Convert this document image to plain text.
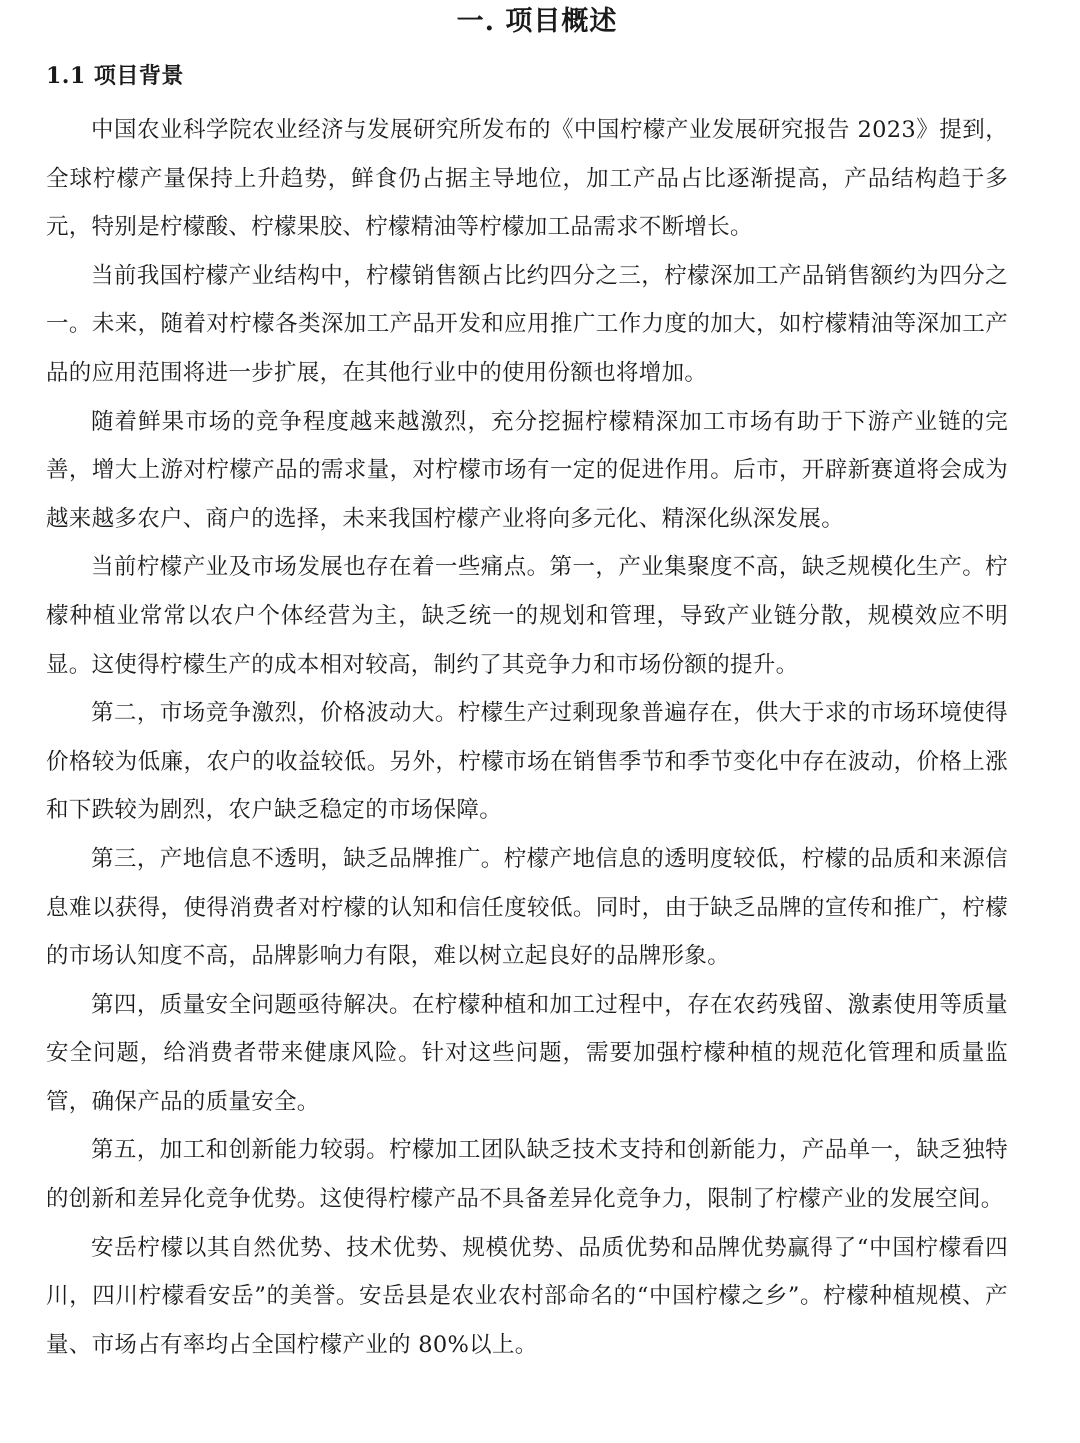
一. 项目概述
1.1 项目背景

中国农业科学院农业经济与发展研究所发布的《中国柠檬产业发展研究报告 2023》提到，全球柠檬产量保持上升趋势，鲜食仍占据主导地位，加工产品占比逐渐提高，产品结构趋于多元，特别是柠檬酸、柠檬果胶、柠檬精油等柠檬加工品需求不断增长。

当前我国柠檬产业结构中，柠檬销售额占比约四分之三，柠檬深加工产品销售额约为四分之一。未来，随着对柠檬各类深加工产品开发和应用推广工作力度的加大，如柠檬精油等深加工产品的应用范围将进一步扩展，在其他行业中的使用份额也将增加。

随着鲜果市场的竞争程度越来越激烈，充分挖掘柠檬精深加工市场有助于下游产业链的完善，增大上游对柠檬产品的需求量，对柠檬市场有一定的促进作用。后市，开辟新赛道将会成为越来越多农户、商户的选择，未来我国柠檬产业将向多元化、精深化纵深发展。

当前柠檬产业及市场发展也存在着一些痛点。第一，产业集聚度不高，缺乏规模化生产。柠檬种植业常常以农户个体经营为主，缺乏统一的规划和管理，导致产业链分散，规模效应不明显。这使得柠檬生产的成本相对较高，制约了其竞争力和市场份额的提升。

第二，市场竞争激烈，价格波动大。柠檬生产过剩现象普遍存在，供大于求的市场环境使得价格较为低廉，农户的收益较低。另外，柠檬市场在销售季节和季节变化中存在波动，价格上涨和下跌较为剧烈，农户缺乏稳定的市场保障。

第三，产地信息不透明，缺乏品牌推广。柠檬产地信息的透明度较低，柠檬的品质和来源信息难以获得，使得消费者对柠檬的认知和信任度较低。同时，由于缺乏品牌的宣传和推广，柠檬的市场认知度不高，品牌影响力有限，难以树立起良好的品牌形象。

第四，质量安全问题亟待解决。在柠檬种植和加工过程中，存在农药残留、激素使用等质量安全问题，给消费者带来健康风险。针对这些问题，需要加强柠檬种植的规范化管理和质量监管，确保产品的质量安全。

第五，加工和创新能力较弱。柠檬加工团队缺乏技术支持和创新能力，产品单一，缺乏独特的创新和差异化竞争优势。这使得柠檬产品不具备差异化竞争力，限制了柠檬产业的发展空间。

安岳柠檬以其自然优势、技术优势、规模优势、品质优势和品牌优势赢得了“中国柠檬看四川，四川柠檬看安岳”的美誉。安岳县是农业农村部命名的“中国柠檬之乡”。柠檬种植规模、产量、市场占有率均占全国柠檬产业的 80%以上。
